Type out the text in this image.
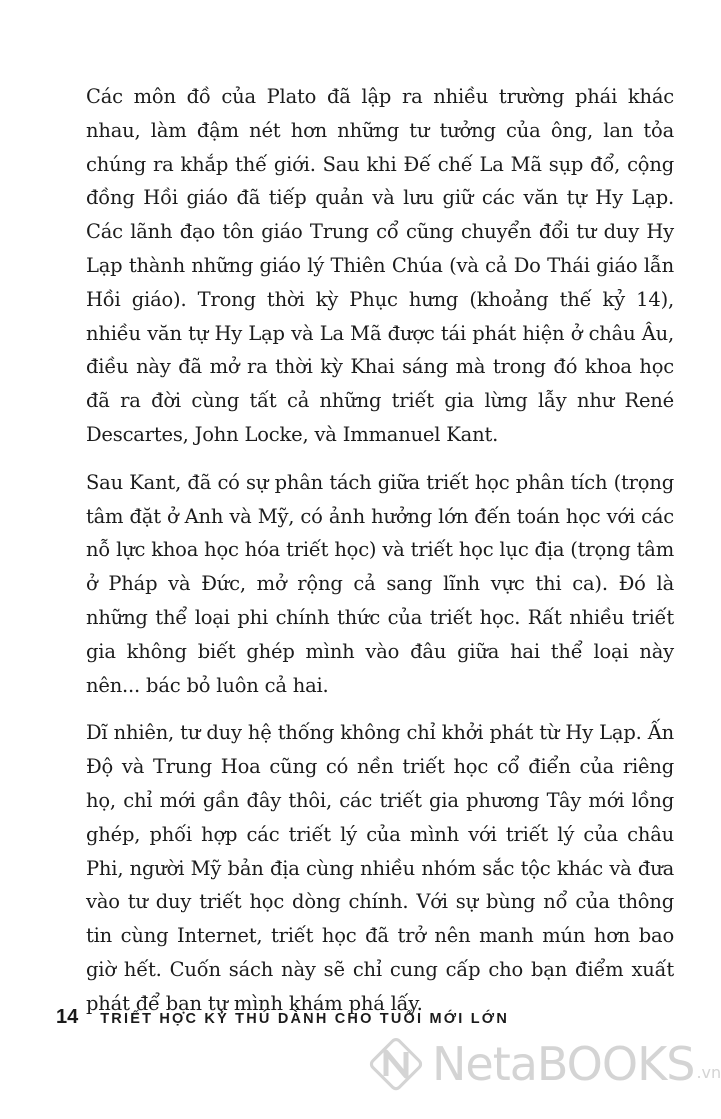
Các môn đồ của Plato đã lập ra nhiều trường phái khác nhau, làm đậm nét hơn những tư tưởng của ông, lan tỏa chúng ra khắp thế giới. Sau khi Đế chế La Mã sụp đổ, cộng đồng Hồi giáo đã tiếp quản và lưu giữ các văn tự Hy Lạp. Các lãnh đạo tôn giáo Trung cổ cũng chuyển đổi tư duy Hy Lạp thành những giáo lý Thiên Chúa (và cả Do Thái giáo lẫn Hồi giáo). Trong thời kỳ Phục hưng (khoảng thế kỷ 14), nhiều văn tự Hy Lạp và La Mã được tái phát hiện ở châu Âu, điều này đã mở ra thời kỳ Khai sáng mà trong đó khoa học đã ra đời cùng tất cả những triết gia lừng lẫy như René Descartes, John Locke, và Immanuel Kant.

Sau Kant, đã có sự phân tách giữa triết học phân tích (trọng tâm đặt ở Anh và Mỹ, có ảnh hưởng lớn đến toán học với các nỗ lực khoa học hóa triết học) và triết học lục địa (trọng tâm ở Pháp và Đức, mở rộng cả sang lĩnh vực thi ca). Đó là những thể loại phi chính thức của triết học. Rất nhiều triết gia không biết ghép mình vào đâu giữa hai thể loại này nên... bác bỏ luôn cả hai.

Dĩ nhiên, tư duy hệ thống không chỉ khởi phát từ Hy Lạp. Ấn Độ và Trung Hoa cũng có nền triết học cổ điển của riêng họ, chỉ mới gần đây thôi, các triết gia phương Tây mới lồng ghép, phối hợp các triết lý của mình với triết lý của châu Phi, người Mỹ bản địa cùng nhiều nhóm sắc tộc khác và đưa vào tư duy triết học dòng chính. Với sự bùng nổ của thông tin cùng Internet, triết học đã trở nên manh mún hơn bao giờ hết. Cuốn sách này sẽ chỉ cung cấp cho bạn điểm xuất phát để bạn tự mình khám phá lấy.

14 TRIẾT HỌC KỲ THÚ DÀNH CHO TUỔI MỚI LỚN
NetaBOOKS .vn
